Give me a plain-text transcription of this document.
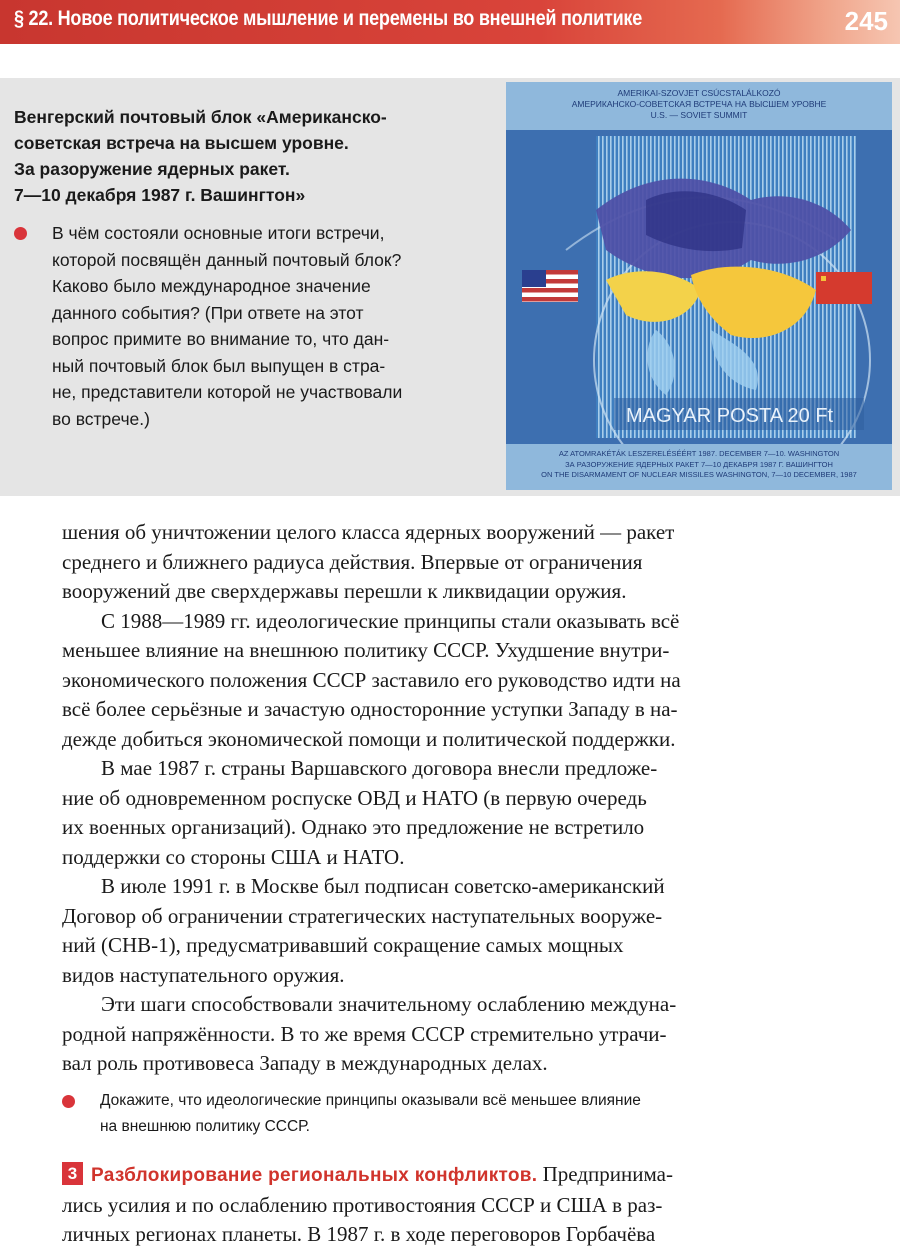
§ 22. Новое политическое мышление и перемены во внешней политике	245
Венгерский почтовый блок «Американско-
советская встреча на высшем уровне.
За разоружение ядерных ракет.
7—10 декабря 1987 г. Вашингтон»
В чём состояли основные итоги встречи,
которой посвящён данный почтовый блок?
Каково было международное значение
данного события? (При ответе на этот
вопрос примите во внимание то, что дан-
ный почтовый блок был выпущен в стра-
не, представители которой не участвовали
во встрече.)
AMERIKAI-SZOVJET CSÚCSTALÁLKOZÓ
АМЕРИКАНСКО-СОВЕТСКАЯ ВСТРЕЧА НА ВЫСШЕМ УРОВНЕ
U.S. — SOVIET SUMMIT
MAGYAR POSTA 20 Ft
AZ ATOMRAKÉTÁK LESZERELÉSÉÉRT 1987. DECEMBER 7—10. WASHINGTON
ЗА РАЗОРУЖЕНИЕ ЯДЕРНЫХ РАКЕТ 7—10 ДЕКАБРЯ 1987 Г. ВАШИНГТОН
ON THE DISARMAMENT OF NUCLEAR MISSILES WASHINGTON, 7—10 DECEMBER, 1987
шения об уничтожении целого класса ядерных вооружений — ракет
среднего и ближнего радиуса действия. Впервые от ограничения
вооружений две сверхдержавы перешли к ликвидации оружия.
С 1988—1989 гг. идеологические принципы стали оказывать всё
меньшее влияние на внешнюю политику СССР. Ухудшение внутри-
экономического положения СССР заставило его руководство идти на
всё более серьёзные и зачастую односторонние уступки Западу в на-
дежде добиться экономической помощи и политической поддержки.
В мае 1987 г. страны Варшавского договора внесли предложе-
ние об одновременном роспуске ОВД и НАТО (в первую очередь
их военных организаций). Однако это предложение не встретило
поддержки со стороны США и НАТО.
В июле 1991 г. в Москве был подписан советско-американский
Договор об ограничении стратегических наступательных вооруже-
ний (СНВ-1), предусматривавший сокращение самых мощных
видов наступательного оружия.
Эти шаги способствовали значительному ослаблению междуна-
родной напряжённости. В то же время СССР стремительно утрачи-
вал роль противовеса Западу в международных делах.
Докажите, что идеологические принципы оказывали всё меньшее влияние
на внешнюю политику СССР.
3 Разблокирование региональных конфликтов. Предпринима-
лись усилия и по ослаблению противостояния СССР и США в раз-
личных регионах планеты. В 1987 г. в ходе переговоров Горбачёва
